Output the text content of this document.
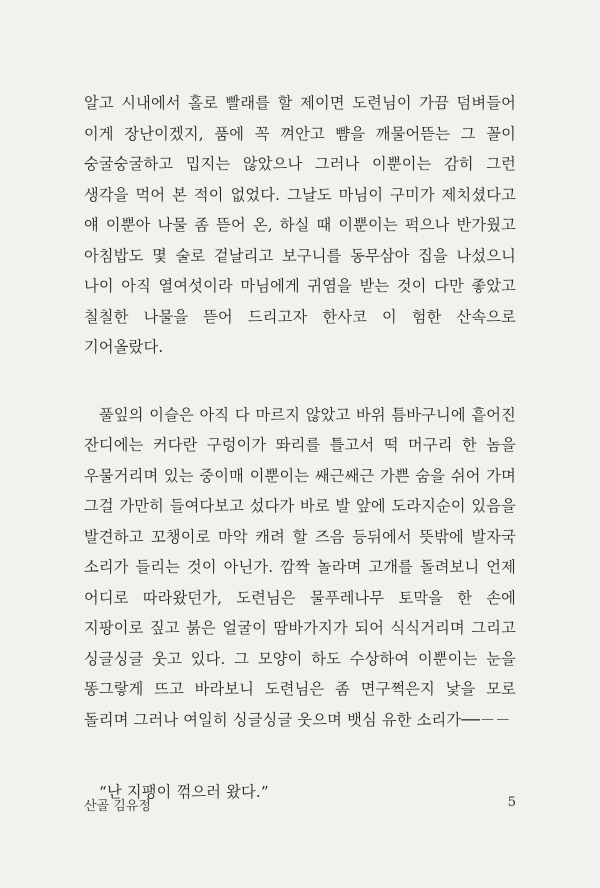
알고 시내에서 홀로 빨래를 할 제이면 도련님이 가끔 덤벼들어 이게 장난이겠지, 품에 꼭 껴안고 뺨을 깨물어뜯는 그 꼴이 숭굴숭굴하고 밉지는 않았으나 그러나 이뿐이는 감히 그런 생각을 먹어 본 적이 없었다. 그날도 마님이 구미가 제치셨다고 얘 이뿐아 나물 좀 뜯어 온, 하실 때 이뿐이는 퍽으나 반가웠고 아침밥도 몇 술로 겉날리고 보구니를 동무삼아 집을 나섰으니 나이 아직 열여섯이라 마님에게 귀염을 받는 것이 다만 좋았고 칠칠한 나물을 뜯어 드리고자 한사코 이 험한 산속으로 기어올랐다.

풀잎의 이슬은 아직 다 마르지 않았고 바위 틈바구니에 흩어진 잔디에는 커다란 구렁이가 똬리를 틀고서 떡 머구리 한 놈을 우물거리며 있는 중이매 이뿐이는 쌔근쌔근 가쁜 숨을 쉬어 가며 그걸 가만히 들여다보고 섰다가 바로 발 앞에 도라지순이 있음을 발견하고 꼬챙이로 마악 캐려 할 즈음 등뒤에서 뜻밖에 발자국 소리가 들리는 것이 아닌가. 깜짝 놀라며 고개를 돌려보니 언제 어디로 따라왔던가, 도련님은 물푸레나무 토막을 한 손에 지팡이로 짚고 붉은 얼굴이 땀바가지가 되어 식식거리며 그리고 싱글싱글 웃고 있다. 그 모양이 하도 수상하여 이뿐이는 눈을 똥그랗게 뜨고 바라보니 도련님은 좀 면구쩍은지 낯을 모로 돌리며 그러나 여일히 싱글싱글 웃으며 뱃심 유한 소리가──－－

“난 지팽이 꺾으러 왔다.”

산골 김유정	5
